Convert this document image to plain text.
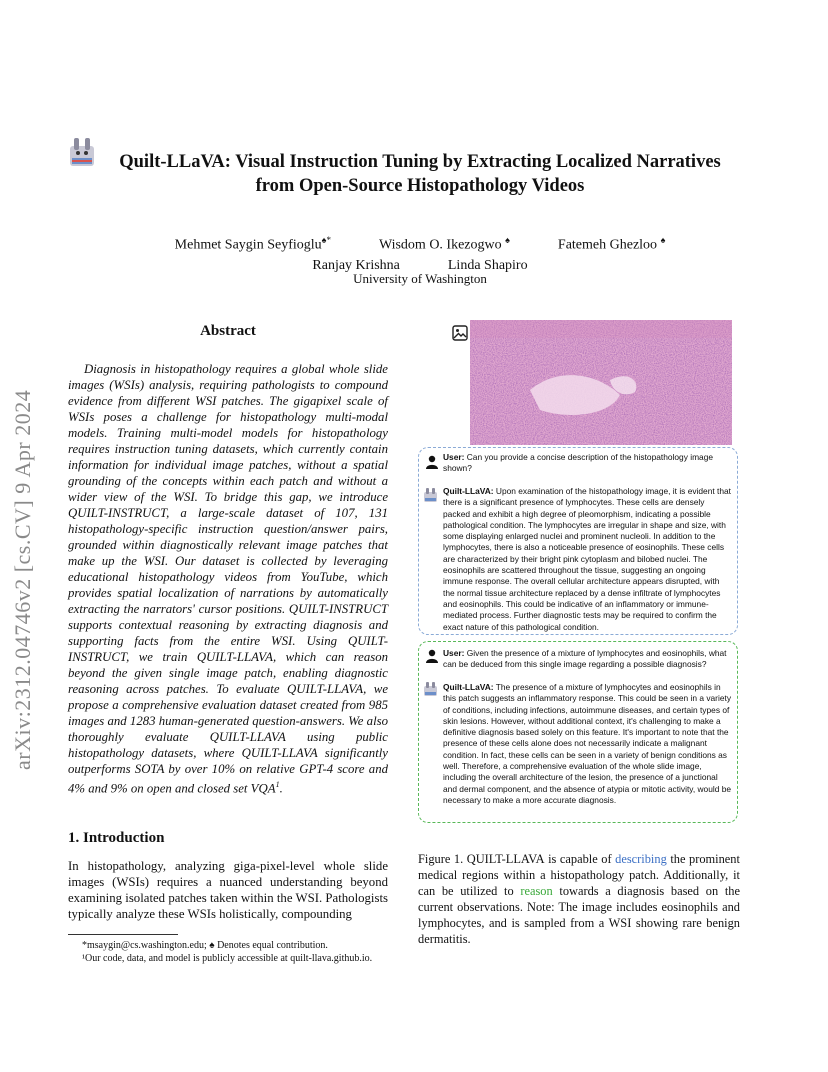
arXiv:2312.04746v2 [cs.CV] 9 Apr 2024
Quilt-LLaVA: Visual Instruction Tuning by Extracting Localized Narratives
from Open-Source Histopathology Videos
Mehmet Saygin Seyfioglu♠*	Wisdom O. Ikezogwo ♠	Fatemeh Ghezloo ♠
Ranjay Krishna	Linda Shapiro
University of Washington
Abstract
Diagnosis in histopathology requires a global whole slide images (WSIs) analysis, requiring pathologists to compound evidence from different WSI patches. The gigapixel scale of WSIs poses a challenge for histopathology multi-modal models. Training multi-model models for histopathology requires instruction tuning datasets, which currently contain information for individual image patches, without a spatial grounding of the concepts within each patch and without a wider view of the WSI. To bridge this gap, we introduce QUILT-INSTRUCT, a large-scale dataset of 107, 131 histopathology-specific instruction question/answer pairs, grounded within diagnostically relevant image patches that make up the WSI. Our dataset is collected by leveraging educational histopathology videos from YouTube, which provides spatial localization of narrations by automatically extracting the narrators' cursor positions. QUILT-INSTRUCT supports contextual reasoning by extracting diagnosis and supporting facts from the entire WSI. Using QUILT-INSTRUCT, we train QUILT-LLAVA, which can reason beyond the given single image patch, enabling diagnostic reasoning across patches. To evaluate QUILT-LLAVA, we propose a comprehensive evaluation dataset created from 985 images and 1283 human-generated question-answers. We also thoroughly evaluate QUILT-LLAVA using public histopathology datasets, where QUILT-LLAVA significantly outperforms SOTA by over 10% on relative GPT-4 score and 4% and 9% on open and closed set VQA$^1$.
1. Introduction
In histopathology, analyzing giga-pixel-level whole slide images (WSIs) requires a nuanced understanding beyond examining isolated patches taken within the WSI. Pathologists typically analyze these WSIs holistically, compounding
*msaygin@cs.washington.edu; ♠ Denotes equal contribution.
¹Our code, data, and model is publicly accessible at quilt-llava.github.io.
User: Can you provide a concise description of the histopathology image shown?
Quilt-LLaVA: Upon examination of the histopathology image, it is evident that there is a significant presence of lymphocytes. These cells are densely packed and exhibit a high degree of pleomorphism, indicating a possible pathological condition. The lymphocytes are irregular in shape and size, with some displaying enlarged nuclei and prominent nucleoli. In addition to the lymphocytes, there is also a noticeable presence of eosinophils. These cells are characterized by their bright pink cytoplasm and bilobed nuclei. The eosinophils are scattered throughout the tissue, suggesting an ongoing immune response. The overall cellular architecture appears disrupted, with the normal tissue architecture replaced by a dense infiltrate of lymphocytes and eosinophils. This could be indicative of an inflammatory or immune-mediated process. Further diagnostic tests may be required to confirm the exact nature of this pathological condition.
User: Given the presence of a mixture of lymphocytes and eosinophils, what can be deduced from this single image regarding a possible diagnosis?
Quilt-LLaVA: The presence of a mixture of lymphocytes and eosinophils in this patch suggests an inflammatory response. This could be seen in a variety of conditions, including infections, autoimmune diseases, and certain types of skin lesions. However, without additional context, it's challenging to make a definitive diagnosis based solely on this feature. It's important to note that the presence of these cells alone does not necessarily indicate a malignant condition. In fact, these cells can be seen in a variety of benign conditions as well. Therefore, a comprehensive evaluation of the whole slide image, including the overall architecture of the lesion, the presence of a junctional and dermal component, and the absence of atypia or mitotic activity, would be necessary to make a more accurate diagnosis.
Figure 1. QUILT-LLAVA is capable of describing the prominent medical regions within a histopathology patch. Additionally, it can be utilized to reason towards a diagnosis based on the current observations. Note: The image includes eosinophils and lymphocytes, and is sampled from a WSI showing rare benign dermatitis.
